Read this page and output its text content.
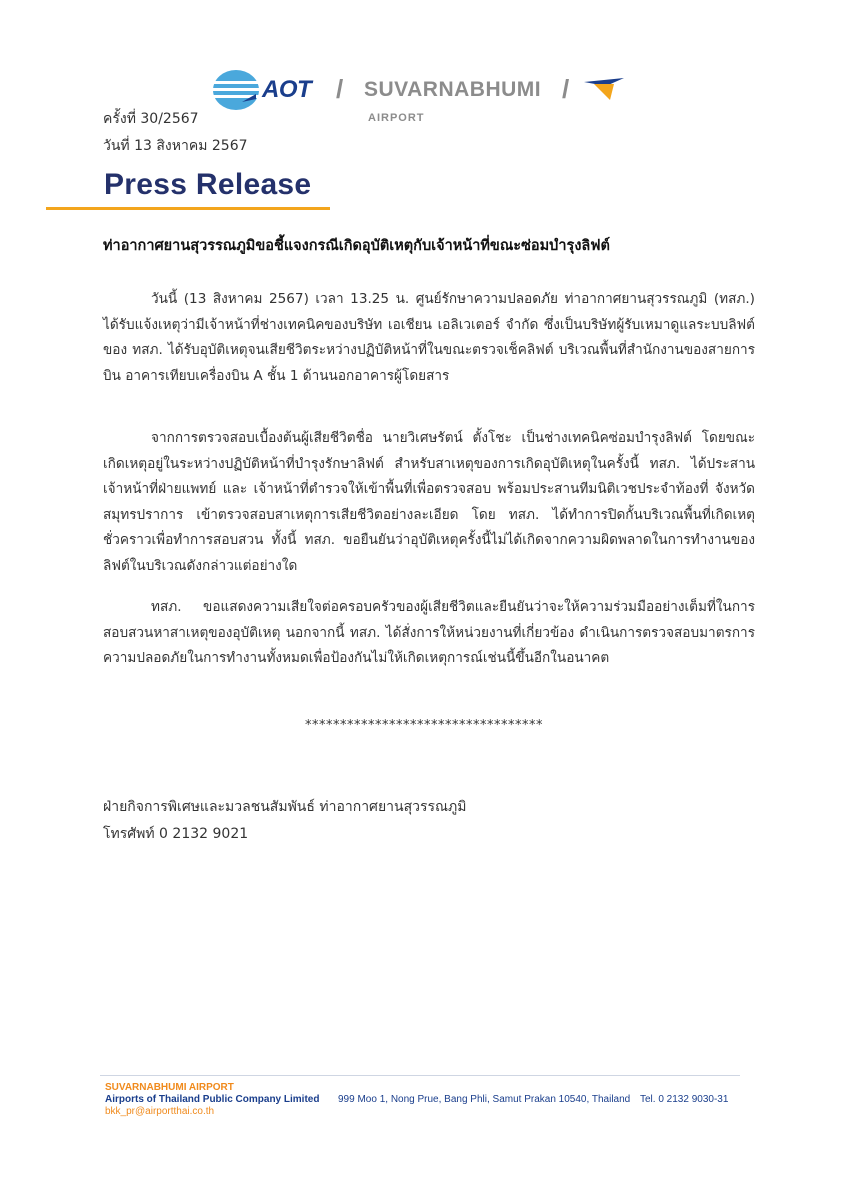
AOT / SUVARNABHUMI /
AIRPORT
ครั้งที่ 30/2567
วันที่ 13 สิงหาคม 2567
Press Release
ท่าอากาศยานสุวรรณภูมิขอชี้แจงกรณีเกิดอุบัติเหตุกับเจ้าหน้าที่ขณะซ่อมบำรุงลิฟต์

วันนี้ (13 สิงหาคม 2567) เวลา 13.25 น. ศูนย์รักษาความปลอดภัย ท่าอากาศยานสุวรรณภูมิ (ทสภ.) ได้รับแจ้งเหตุว่ามีเจ้าหน้าที่ช่างเทคนิคของบริษัท เอเชียน เอลิเวเตอร์ จำกัด ซึ่งเป็นบริษัทผู้รับเหมาดูแลระบบลิฟต์ของ ทสภ. ได้รับอุบัติเหตุจนเสียชีวิตระหว่างปฏิบัติหน้าที่ในขณะตรวจเช็คลิฟต์ บริเวณพื้นที่สำนักงานของสายการบิน อาคารเทียบเครื่องบิน A ชั้น 1 ด้านนอกอาคารผู้โดยสาร

จากการตรวจสอบเบื้องต้นผู้เสียชีวิตชื่อ นายวิเศษรัตน์ ตั้งโชะ เป็นช่างเทคนิคซ่อมบำรุงลิฟต์ โดยขณะเกิดเหตุอยู่ในระหว่างปฏิบัติหน้าที่บำรุงรักษาลิฟต์ สำหรับสาเหตุของการเกิดอุบัติเหตุในครั้งนี้ ทสภ. ได้ประสาน เจ้าหน้าที่ฝ่ายแพทย์ และ เจ้าหน้าที่ตำรวจให้เข้าพื้นที่เพื่อตรวจสอบ พร้อมประสานทีมนิติเวชประจำท้องที่ จังหวัดสมุทรปราการ เข้าตรวจสอบสาเหตุการเสียชีวิตอย่างละเอียด โดย ทสภ. ได้ทำการปิดกั้นบริเวณพื้นที่เกิดเหตุชั่วคราวเพื่อทำการสอบสวน ทั้งนี้ ทสภ. ขอยืนยันว่าอุบัติเหตุครั้งนี้ไม่ได้เกิดจากความผิดพลาดในการทำงานของลิฟต์ในบริเวณดังกล่าวแต่อย่างใด

ทสภ. ขอแสดงความเสียใจต่อครอบครัวของผู้เสียชีวิตและยืนยันว่าจะให้ความร่วมมืออย่างเต็มที่ในการสอบสวนหาสาเหตุของอุบัติเหตุ นอกจากนี้ ทสภ. ได้สั่งการให้หน่วยงานที่เกี่ยวข้อง ดำเนินการตรวจสอบมาตรการความปลอดภัยในการทำงานทั้งหมดเพื่อป้องกันไม่ให้เกิดเหตุการณ์เช่นนี้ขึ้นอีกในอนาคต

**********************************
ฝ่ายกิจการพิเศษและมวลชนสัมพันธ์ ท่าอากาศยานสุวรรณภูมิ
โทรศัพท์ 0 2132 9021
SUVARNABHUMI AIRPORT
Airports of Thailand Public Company Limited 999 Moo 1, Nong Prue, Bang Phli, Samut Prakan 10540, Thailand Tel. 0 2132 9030-31
bkk_pr@airportthai.co.th
